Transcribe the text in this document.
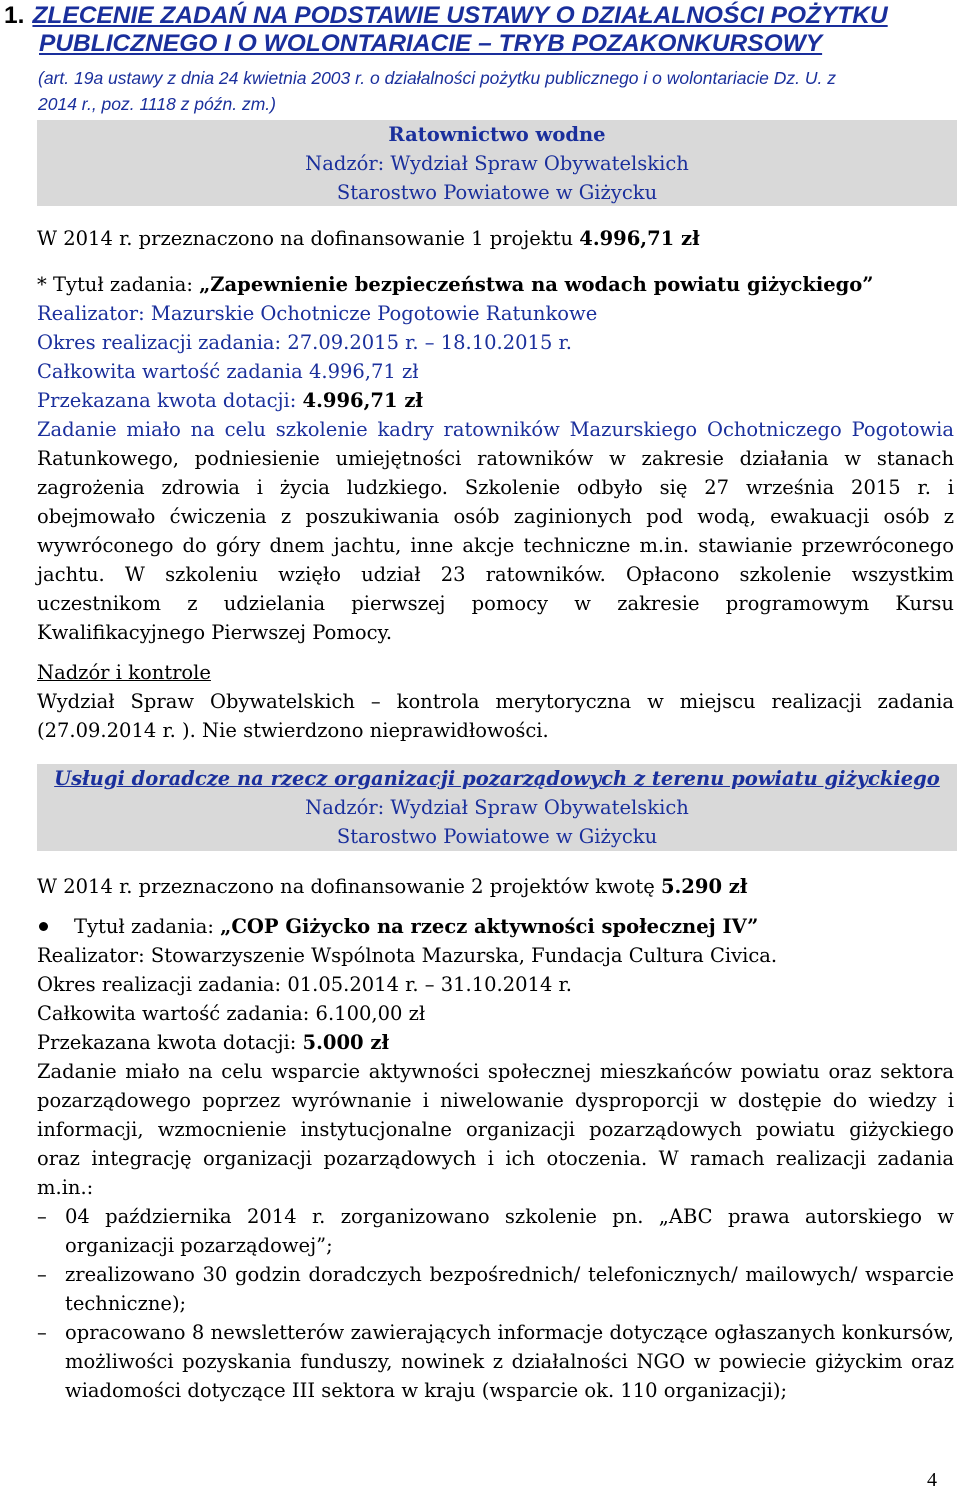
1. ZLECENIE ZADAŃ NA PODSTAWIE USTAWY O DZIAŁALNOŚCI POŻYTKU
PUBLICZNEGO I O WOLONTARIACIE – TRYB POZAKONKURSOWY
(art. 19a ustawy z dnia 24 kwietnia 2003 r. o działalności pożytku publicznego i o wolontariacie Dz. U. z
2014 r., poz. 1118 z późn. zm.)
Ratownictwo wodne
Nadzór: Wydział Spraw Obywatelskich
Starostwo Powiatowe w Giżycku
W 2014 r. przeznaczono na dofinansowanie 1 projektu 4.996,71 zł
* Tytuł zadania: „Zapewnienie bezpieczeństwa na wodach powiatu giżyckiego”
Realizator: Mazurskie Ochotnicze Pogotowie Ratunkowe
Okres realizacji zadania: 27.09.2015 r. – 18.10.2015 r.
Całkowita wartość zadania 4.996,71 zł
Przekazana kwota dotacji: 4.996,71 zł
Zadanie miało na celu szkolenie kadry ratowników Mazurskiego Ochotniczego Pogotowia
Ratunkowego, podniesienie umiejętności ratowników w zakresie działania w stanach
zagrożenia zdrowia i życia ludzkiego. Szkolenie odbyło się 27 września 2015 r. i
obejmowało ćwiczenia z poszukiwania osób zaginionych pod wodą, ewakuacji osób z
wywróconego do góry dnem jachtu, inne akcje techniczne m.in. stawianie przewróconego
jachtu. W szkoleniu wzięło udział 23 ratowników. Opłacono szkolenie wszystkim
uczestnikom z udzielania pierwszej pomocy w zakresie programowym Kursu
Kwalifikacyjnego Pierwszej Pomocy.
Nadzór i kontrole
Wydział Spraw Obywatelskich – kontrola merytoryczna w miejscu realizacji zadania
(27.09.2014 r. ). Nie stwierdzono nieprawidłowości.
Usługi doradcze na rzecz organizacji pozarządowych z terenu powiatu giżyckiego
Nadzór: Wydział Spraw Obywatelskich
Starostwo Powiatowe w Giżycku
W 2014 r. przeznaczono na dofinansowanie 2 projektów kwotę 5.290 zł
Tytuł zadania: „COP Giżycko na rzecz aktywności społecznej IV”
Realizator: Stowarzyszenie Wspólnota Mazurska, Fundacja Cultura Civica.
Okres realizacji zadania: 01.05.2014 r. – 31.10.2014 r.
Całkowita wartość zadania: 6.100,00 zł
Przekazana kwota dotacji: 5.000 zł
Zadanie miało na celu wsparcie aktywności społecznej mieszkańców powiatu oraz sektora
pozarządowego poprzez wyrównanie i niwelowanie dysproporcji w dostępie do wiedzy i
informacji, wzmocnienie instytucjonalne organizacji pozarządowych powiatu giżyckiego
oraz integrację organizacji pozarządowych i ich otoczenia. W ramach realizacji zadania
m.in.:
– 04 października 2014 r. zorganizowano szkolenie pn. „ABC prawa autorskiego w organizacji pozarządowej”;
– zrealizowano 30 godzin doradczych bezpośrednich/ telefonicznych/ mailowych/ wsparcie techniczne);
– opracowano 8 newsletterów zawierających informacje dotyczące ogłaszanych konkursów, możliwości pozyskania funduszy, nowinek z działalności NGO w powiecie giżyckim oraz wiadomości dotyczące III sektora w kraju (wsparcie ok. 110 organizacji);
4
